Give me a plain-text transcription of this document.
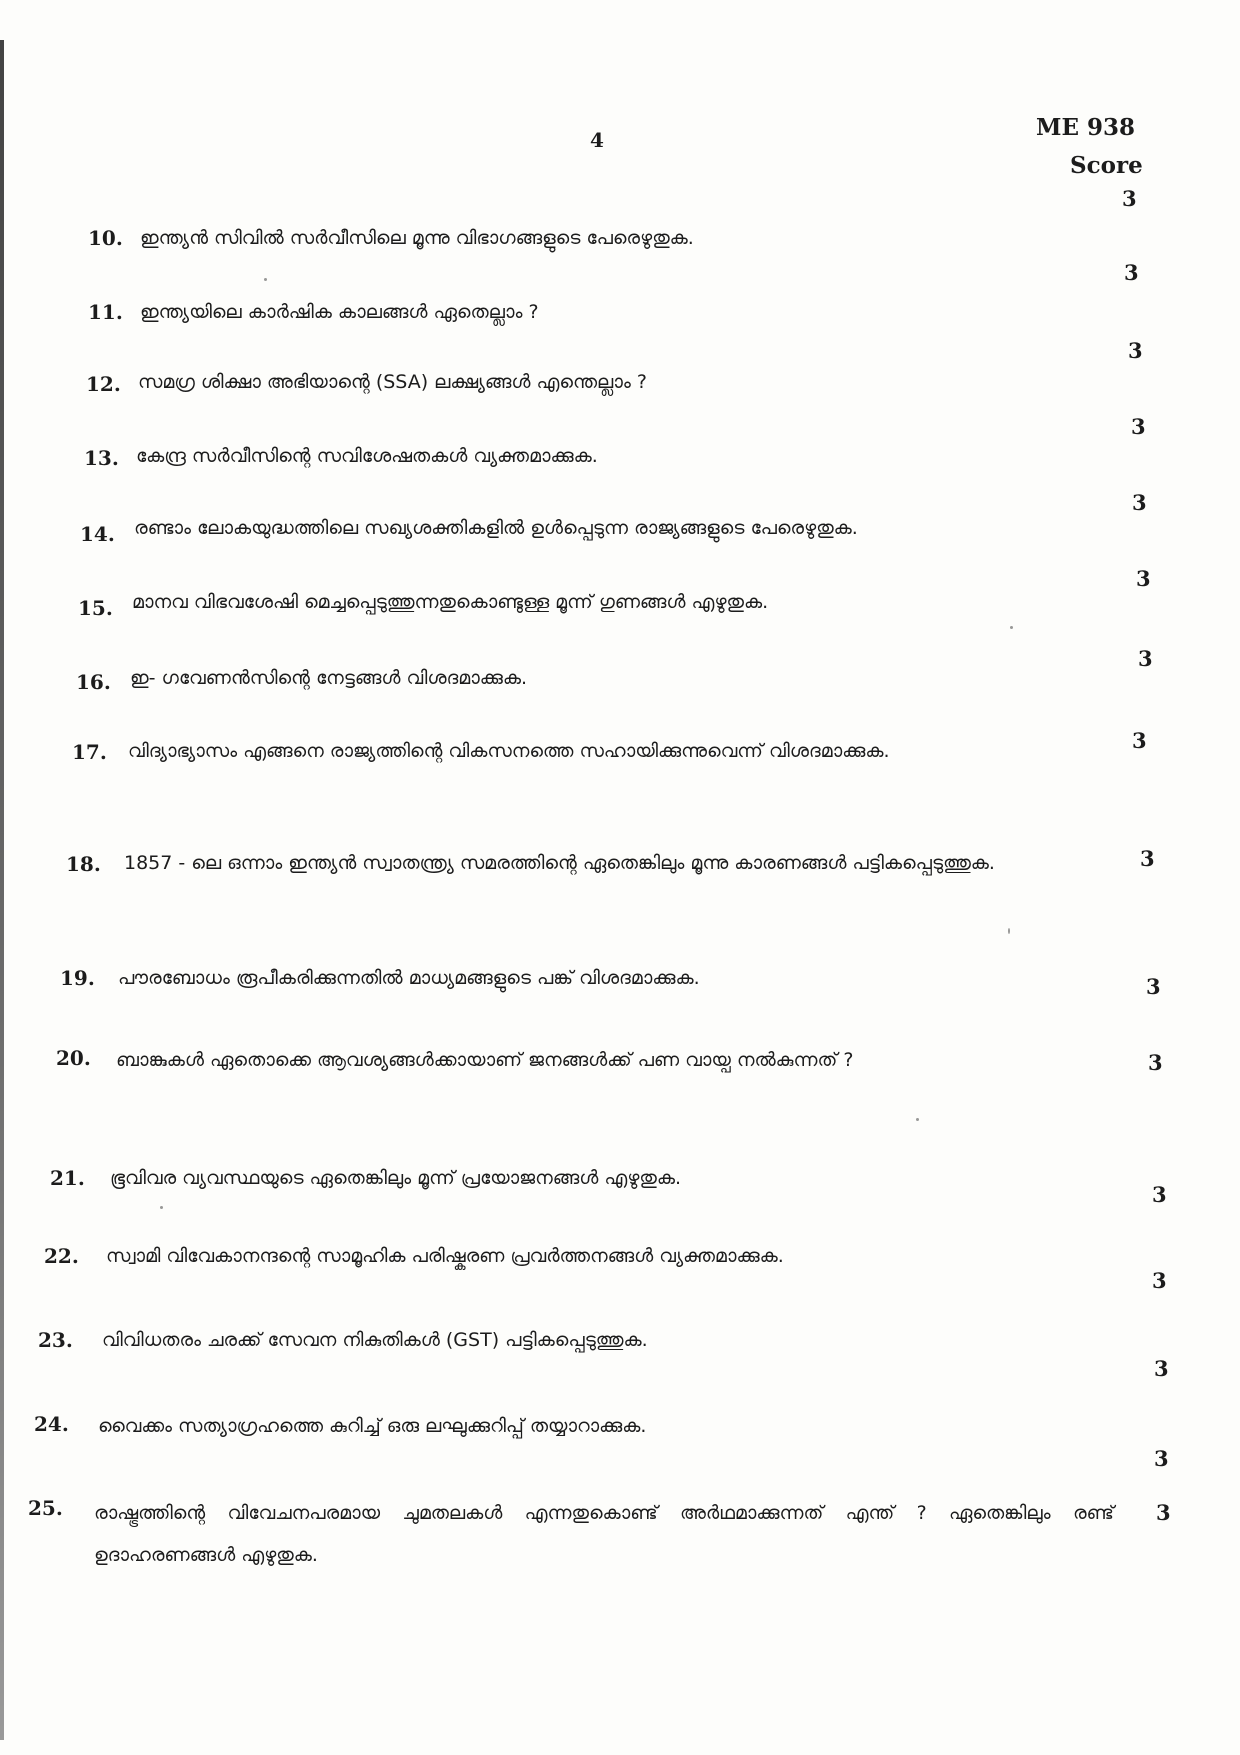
4	ME 938
Score
10. ഇന്ത്യൻ സിവിൽ സർവീസിലെ മൂന്നു വിഭാഗങ്ങളുടെ പേരെഴുതുക.
3
11. ഇന്ത്യയിലെ കാർഷിക കാലങ്ങൾ ഏതെല്ലാം ?
3
12. സമഗ്ര ശിക്ഷാ അഭിയാന്റെ (SSA) ലക്ഷ്യങ്ങൾ എന്തെല്ലാം ?
3
13. കേന്ദ്ര സർവീസിന്റെ സവിശേഷതകൾ വ്യക്തമാക്കുക.
3
14. രണ്ടാം ലോകയുദ്ധത്തിലെ സഖ്യശക്തികളിൽ ഉൾപ്പെടുന്ന രാജ്യങ്ങളുടെ പേരെഴുതുക.
3
15. മാനവ വിഭവശേഷി മെച്ചപ്പെടുത്തുന്നതുകൊണ്ടുള്ള മൂന്ന് ഗുണങ്ങൾ എഴുതുക.
3
16. ഇ- ഗവേണൻസിന്റെ നേട്ടങ്ങൾ വിശദമാക്കുക.
3
17. വിദ്യാഭ്യാസം എങ്ങനെ രാജ്യത്തിന്റെ വികസനത്തെ സഹായിക്കുന്നുവെന്ന് വിശദമാക്കുക.	3
18. 1857 - ലെ ഒന്നാം ഇന്ത്യൻ സ്വാതന്ത്ര്യ സമരത്തിന്റെ ഏതെങ്കിലും മൂന്നു കാരണങ്ങൾ പട്ടികപ്പെടുത്തുക.	3
19. പൗരബോധം രൂപീകരിക്കുന്നതിൽ മാധ്യമങ്ങളുടെ പങ്ക് വിശദമാക്കുക.	3
20. ബാങ്കുകൾ ഏതൊക്കെ ആവശ്യങ്ങൾക്കായാണ് ജനങ്ങൾക്ക് പണ വായ്പ നൽകുന്നത് ?	3
21. ഭൂവിവര വ്യവസ്ഥയുടെ ഏതെങ്കിലും മൂന്ന് പ്രയോജനങ്ങൾ എഴുതുക.
3
22. സ്വാമി വിവേകാനന്ദന്റെ സാമൂഹിക പരിഷ്കരണ പ്രവർത്തനങ്ങൾ വ്യക്തമാക്കുക.
3
23. വിവിധതരം ചരക്ക് സേവന നികുതികൾ (GST) പട്ടികപ്പെടുത്തുക.
3
24. വൈക്കം സത്യാഗ്രഹത്തെ കുറിച്ച് ഒരു ലഘുക്കുറിപ്പ് തയ്യാറാക്കുക.
3
25. രാഷ്ട്രത്തിന്റെ വിവേചനപരമായ ചുമതലകൾ എന്നതുകൊണ്ട് അർഥമാക്കുന്നത് എന്ത് ? ഏതെങ്കിലും രണ്ട് ഉദാഹരണങ്ങൾ എഴുതുക.
3
